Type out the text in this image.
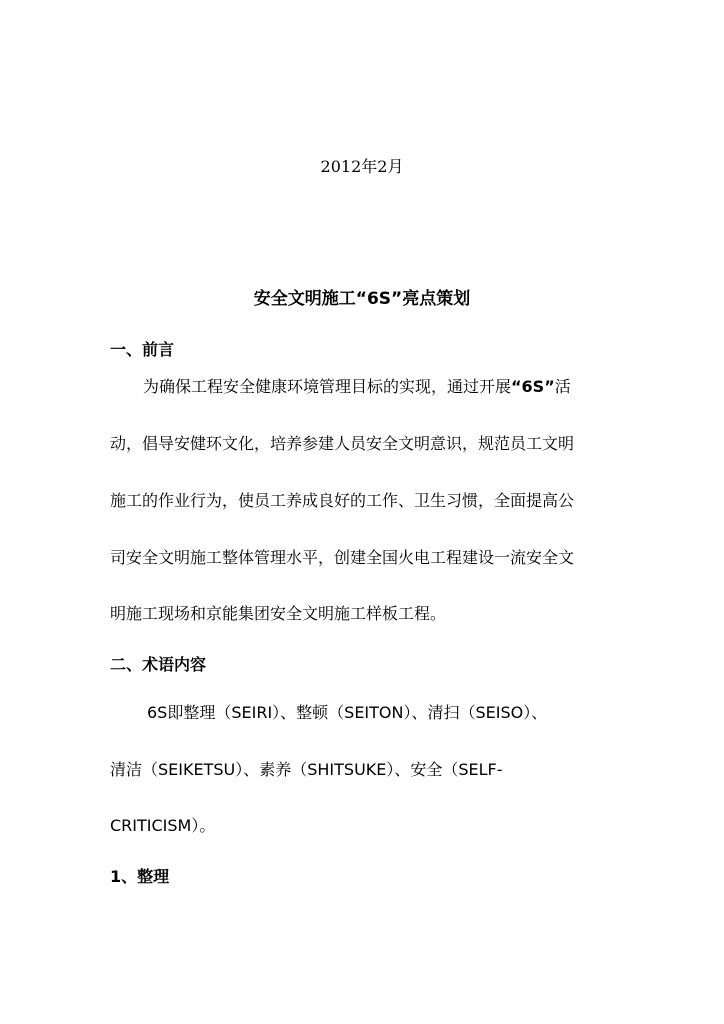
2012年2月
安全文明施工“6S”亮点策划
一、前言
为确保工程安全健康环境管理目标的实现，通过开展“6S”活
动，倡导安健环文化，培养参建人员安全文明意识，规范员工文明
施工的作业行为，使员工养成良好的工作、卫生习惯，全面提高公
司安全文明施工整体管理水平，创建全国火电工程建设一流安全文
明施工现场和京能集团安全文明施工样板工程。
二、术语内容
6S即整理（SEIRI）、整顿（SEITON）、清扫（SEISO）、
清洁（SEIKETSU）、素养（SHITSUKE）、安全（SELF-
CRITICISM）。
1、整理
